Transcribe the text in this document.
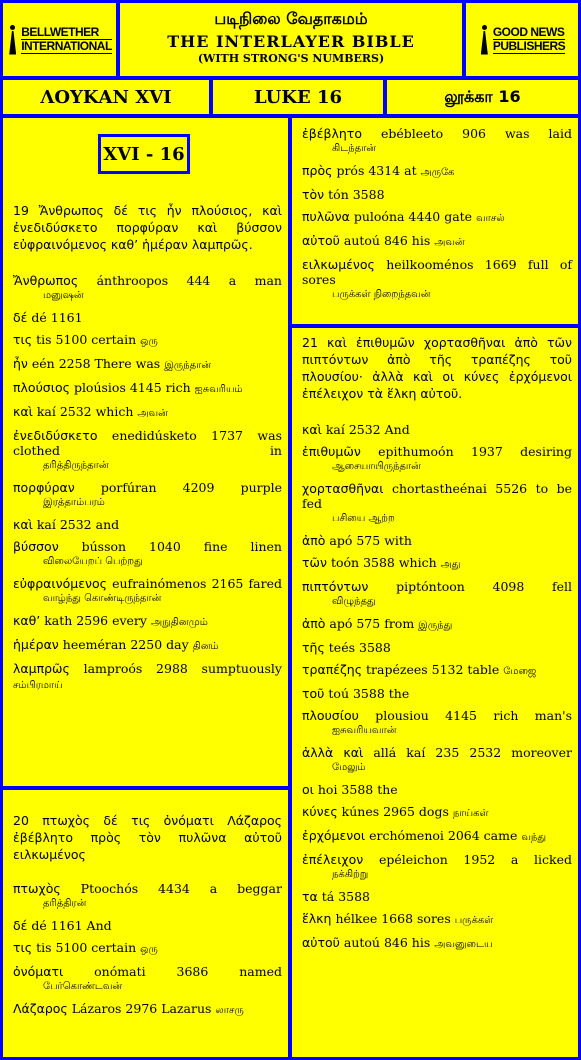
BELLWETHER
INTERNATIONAL
படிநிலை வேதாகமம்
THE INTERLAYER BIBLE
(WITH STRONG'S NUMBERS)
GOOD NEWS
PUBLISHERS
ΛΟΥΚΑΝ XVI	LUKE 16	லூக்கா 16
XVI - 16
19 Ἄνθρωπος δέ τις ἦν πλούσιος, καὶ ἐνεδιδύσκετο πορφύραν καὶ βύσσον εὐφραινόμενος καθ’ ἡμέραν λαμπρῶς.
Ἄνθρωπος ánthroopos 444 a man
மனுஷன்
δέ dé 1161
τις tis 5100 certain ஒரு
ἦν eén 2258 There was இருந்தான்
πλούσιος ploúsios 4145 rich ஐசுவரியம்
καὶ kaí 2532 which அவன்
ἐνεδιδύσκετο enedidúsketo 1737 was clothed in
தரித்திருந்தான்
πορφύραν porfúran 4209 purple
இரத்தாம்பரம்
καὶ kaí 2532 and
βύσσον bússon 1040 fine linen
விலையேறப் பெற்றது
εὐφραινόμενος eufrainómenos 2165 fared
வாழ்ந்து கொண்டிருந்தான்
καθ’ kath 2596 every அநுதினமும்
ἡμέραν heeméran 2250 day தினம்
λαμπρῶς lamproós 2988 sumptuously சம்பிரமாய்
20 πτωχὸς δέ τις ὀνόματι Λάζαρος ἐβέβλητο πρὸς τὸν πυλῶνα αὐτοῦ ειλκωμένος
πτωχὸς Ptoochós 4434 a beggar
தரித்திரன்
δέ dé 1161 And
τις tis 5100 certain ஒரு
ὀνόματι onómati 3686 named
பேர்கொண்டவன்
Λάζαρος Lázaros 2976 Lazarus லாசரு
ἐβέβλητο ebébleeto 906 was laid
கிடந்தான்
πρὸς prós 4314 at அருகே
τὸν tón 3588
πυλῶνα puloóna 4440 gate வாசல்
αὐτοῦ autoú 846 his அவன்
ειλκωμένος heilkooménos 1669 full of sores
பருக்கள் நிறைந்தவன்
21 καὶ ἐπιθυμῶν χορτασθῆναι ἀπὸ τῶν πιπτόντων ἀπὸ τῆς τραπέζης τοῦ πλουσίου· ἀλλὰ καὶ οι κύνες ἐρχόμενοι ἐπέλειχον τὰ ἕλκη αὐτοῦ.
καὶ kaí 2532 And
ἐπιθυμῶν epithumoón 1937 desiring
ஆசையாயிருந்தான்
χορτασθῆναι chortastheénai 5526 to be fed
பசியை ஆற்ற
ἀπὸ apó 575 with
τῶν toón 3588 which அது
πιπτόντων piptóntoon 4098 fell
விழுந்தது
ἀπὸ apó 575 from இருந்து
τῆς teés 3588
τραπέζης trapézees 5132 table மேஜை
τοῦ toú 3588 the
πλουσίου plousiou 4145 rich man's
ஐசுவரியவான்
ἀλλὰ καὶ allá kaí 235 2532 moreover
மேலும்
οι hoi 3588 the
κύνες kúnes 2965 dogs நாய்கள்
ἐρχόμενοι erchómenoi 2064 came வந்து
ἐπέλειχον epéleichon 1952 a licked
நக்கிற்று
τα tá 3588
ἕλκη hélkee 1668 sores பருக்கள்
αὐτοῦ autoú 846 his அவனுடைய
